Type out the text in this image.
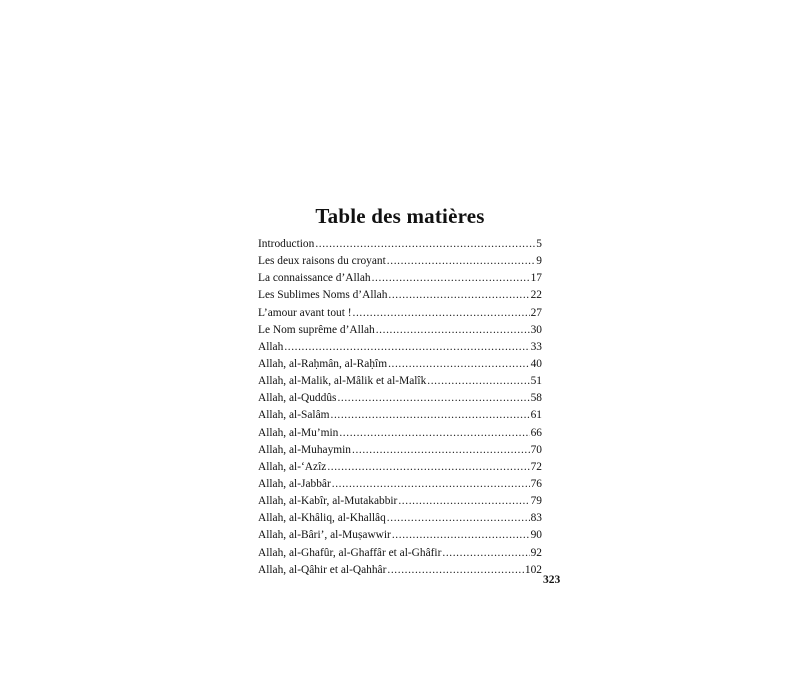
Table des matières
Introduction .....	5
Les deux raisons du croyant .....	9
La connaissance d’Allah .....	17
Les Sublimes Noms d’Allah .....	22
L’amour avant tout ! .....	27
Le Nom suprême d’Allah .....	30
Allah .....	33
Allah, al-Raḥmân, al-Raḥîm .....	40
Allah, al-Malik, al-Mâlik et al-Malîk .....	51
Allah, al-Quddûs .....	58
Allah, al-Salâm .....	61
Allah, al-Mu’min .....	66
Allah, al-Muhaymin .....	70
Allah, al-‘Azîz .....	72
Allah, al-Jabbâr .....	76
Allah, al-Kabîr, al-Mutakabbir .....	79
Allah, al-Khâliq, al-Khallâq .....	83
Allah, al-Bâri’, al-Muṣawwir .....	90
Allah, al-Ghafûr, al-Ghaffâr et al-Ghâfir .....	92
Allah, al-Qâhir et al-Qahhâr .....	102
323
